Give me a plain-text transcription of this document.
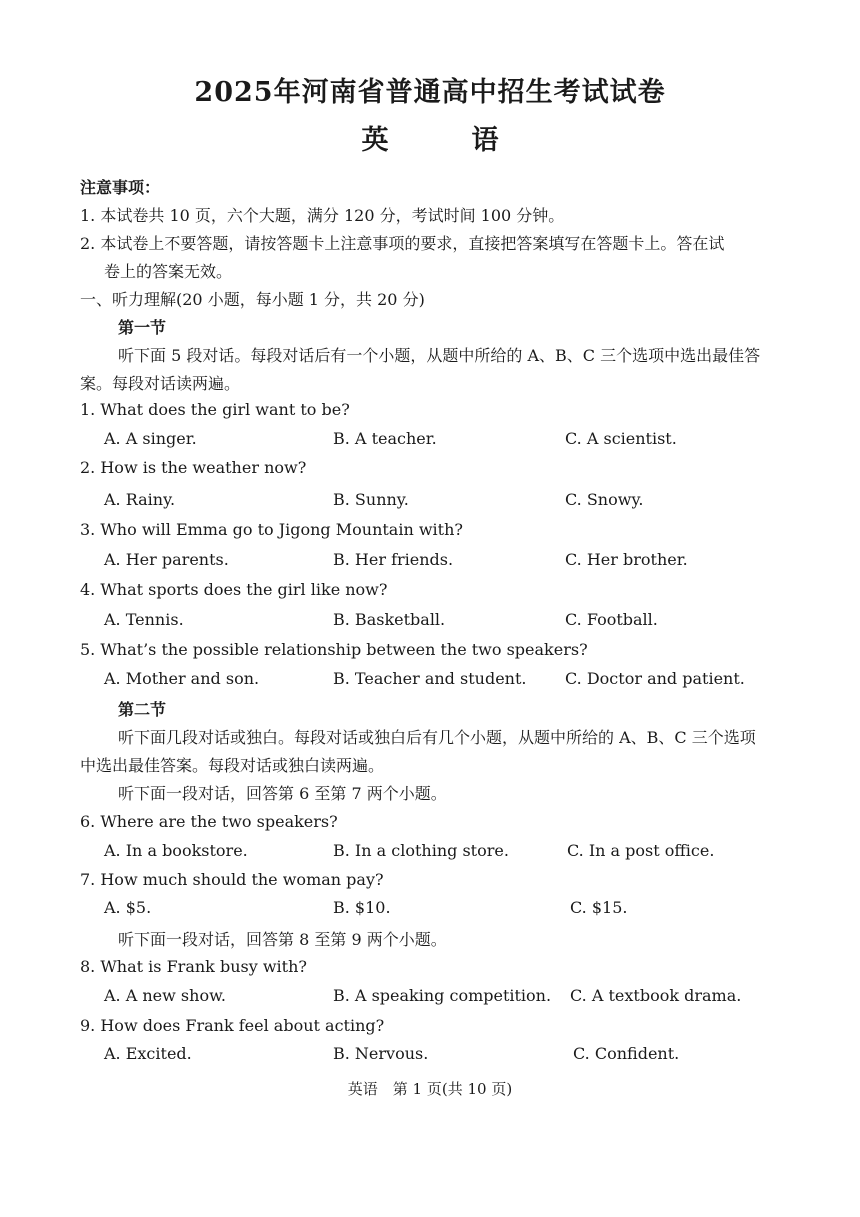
2025年河南省普通高中招生考试试卷
英　语
注意事项：
1. 本试卷共 10 页，六个大题，满分 120 分，考试时间 100 分钟。
2. 本试卷上不要答题，请按答题卡上注意事项的要求，直接把答案填写在答题卡上。答在试
卷上的答案无效。
一、听力理解(20 小题，每小题 1 分，共 20 分)
第一节
听下面 5 段对话。每段对话后有一个小题，从题中所给的 A、B、C 三个选项中选出最佳答
案。每段对话读两遍。
1. What does the girl want to be?
A. A singer.	B. A teacher.	C. A scientist.
2. How is the weather now?
A. Rainy.	B. Sunny.	C. Snowy.
3. Who will Emma go to Jigong Mountain with?
A. Her parents.	B. Her friends.	C. Her brother.
4. What sports does the girl like now?
A. Tennis.	B. Basketball.	C. Football.
5. What’s the possible relationship between the two speakers?
A. Mother and son.	B. Teacher and student. C. Doctor and patient.
第二节
听下面几段对话或独白。每段对话或独白后有几个小题，从题中所给的 A、B、C 三个选项
中选出最佳答案。每段对话或独白读两遍。
听下面一段对话，回答第 6 至第 7 两个小题。
6. Where are the two speakers?
A. In a bookstore.	B. In a clothing store.	C. In a post office.
7. How much should the woman pay?
A. $5.	B. $10.	C. $15.
听下面一段对话，回答第 8 至第 9 两个小题。
8. What is Frank busy with?
A. A new show.	B. A speaking competition. C. A textbook drama.
9. How does Frank feel about acting?
A. Excited.	B. Nervous.	C. Confident.
英语　第 1 页(共 10 页)
